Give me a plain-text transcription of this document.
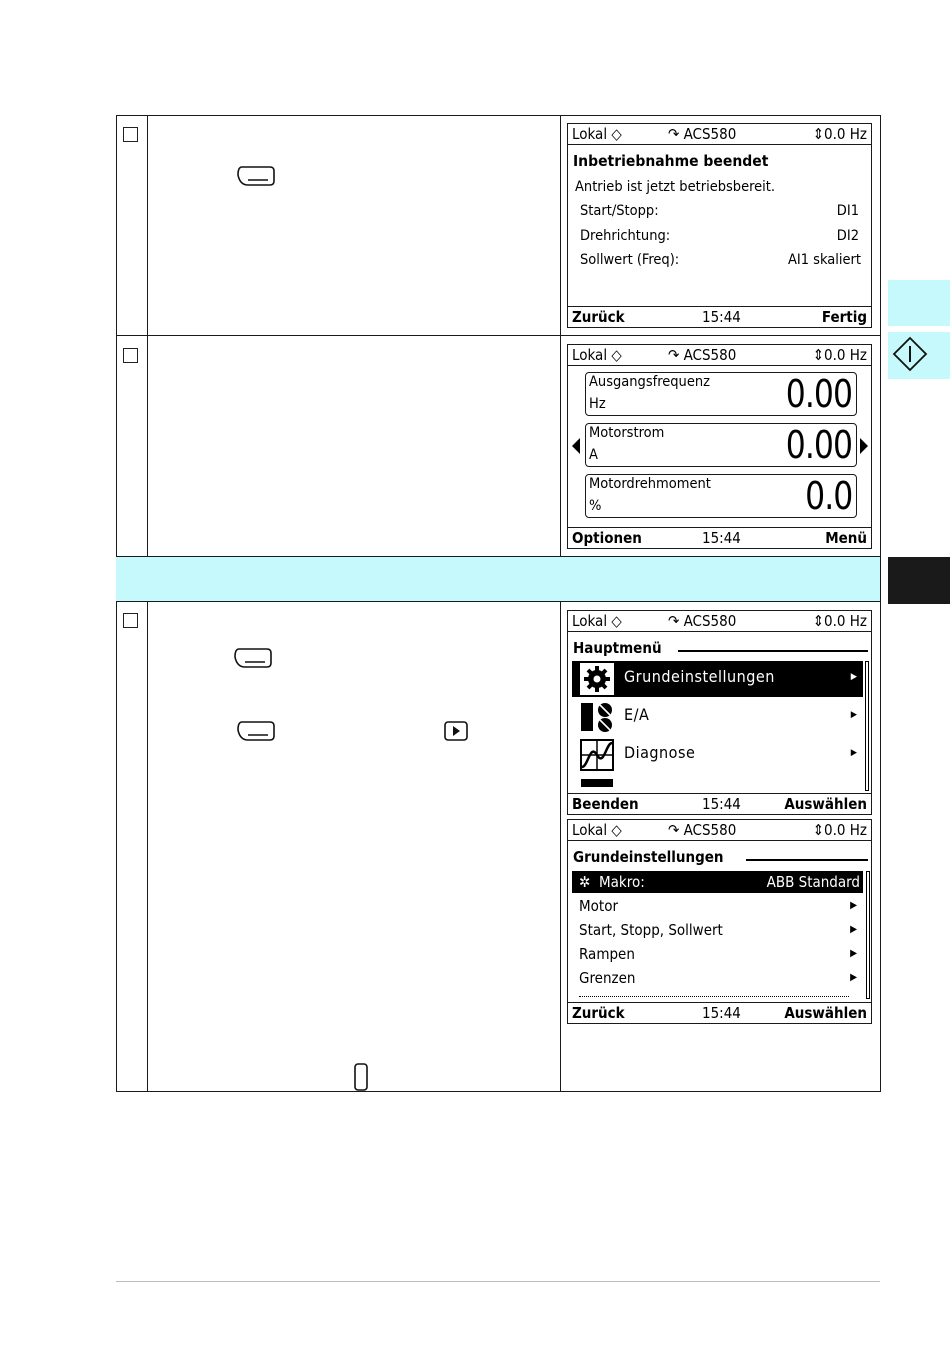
Lokal ◇	↷ ACS580	⇕0.0 Hz
Inbetriebnahme beendet
Antrieb ist jetzt betriebsbereit.
Start/Stopp:	DI1
Drehrichtung:	DI2
Sollwert (Freq):	AI1 skaliert
Zurück	15:44	Fertig
Lokal ◇	↷ ACS580	⇕0.0 Hz
Ausgangsfrequenz
Hz	0.00
Motorstrom
A	0.00
Motordrehmoment
%	0.0
Optionen	15:44	Menü
Lokal ◇	↷ ACS580	⇕0.0 Hz
Hauptmenü
Grundeinstellungen	▶
E/A	▶
Diagnose	▶
Beenden	15:44	Auswählen
Lokal ◇	↷ ACS580	⇕0.0 Hz
Grundeinstellungen
✲ Makro:	ABB Standard
Motor	▶
Start, Stopp, Sollwert	▶
Rampen	▶
Grenzen	▶
Zurück	15:44	Auswählen
